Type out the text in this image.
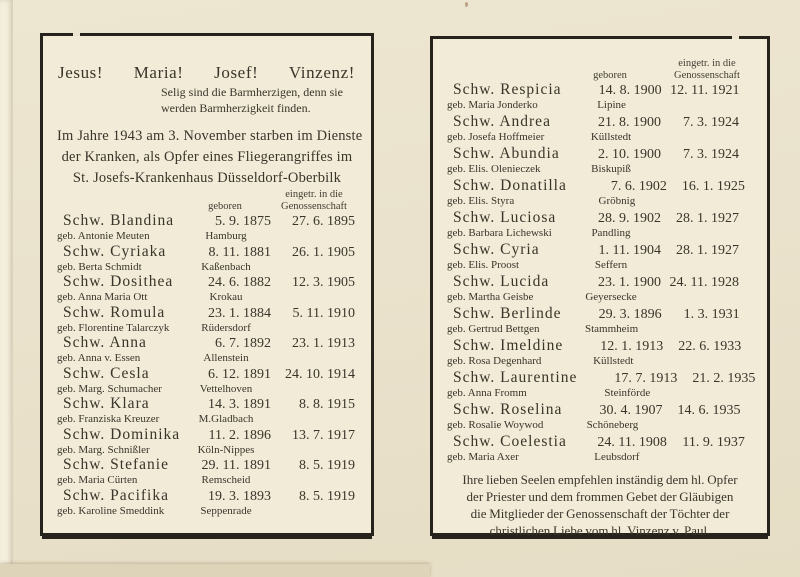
Jesus! Maria! Josef! Vinzenz!
Selig sind die Barmherzigen, denn sie
werden Barmherzigkeit finden.
Im Jahre 1943 am 3. November starben im Dienste
der Kranken, als Opfer eines Fliegerangriffes im
St. Josefs-Krankenhaus Düsseldorf-Oberbilk
geboren
eingetr. in die
Genossenschaft
Schw. Blandina	5. 9. 1875	27. 6. 1895
geb. Antonie Meuten	Hamburg
Schw. Cyriaka	8. 11. 1881	26. 1. 1905
geb. Berta Schmidt	Kaßenbach
Schw. Dosithea	24. 6. 1882	12. 3. 1905
geb. Anna Maria Ott	Krokau
Schw. Romula	23. 1. 1884	5. 11. 1910
geb. Florentine Talarczyk	Rüdersdorf
Schw. Anna	6. 7. 1892	23. 1. 1913
geb. Anna v. Essen	Allenstein
Schw. Cesla	6. 12. 1891	24. 10. 1914
geb. Marg. Schumacher	Vettelhoven
Schw. Klara	14. 3. 1891	8. 8. 1915
geb. Franziska Kreuzer	M.Gladbach
Schw. Dominika	11. 2. 1896	13. 7. 1917
geb. Marg. Schnißler	Köln-Nippes
Schw. Stefanie	29. 11. 1891	8. 5. 1919
geb. Maria Cürten	Remscheid
Schw. Pacifika	19. 3. 1893	8. 5. 1919
geb. Karoline Smeddink	Seppenrade
geboren
eingetr. in die
Genossenschaft
Schw. Respicia	14. 8. 1900 12. 11. 1921
geb. Maria Jonderko	Lipine
Schw. Andrea	21. 8. 1900	7. 3. 1924
geb. Josefa Hoffmeier	Küllstedt
Schw. Abundia	2. 10. 1900	7. 3. 1924
geb. Elis. Olenieczek	Biskupiß
Schw. Donatilla	7. 6. 1902	16. 1. 1925
geb. Elis. Styra	Gröbnig
Schw. Luciosa	28. 9. 1902	28. 1. 1927
geb. Barbara Lichewski	Pandling
Schw. Cyria	1. 11. 1904	28. 1. 1927
geb. Elis. Proost	Seffern
Schw. Lucida	23. 1. 1900 24. 11. 1928
geb. Martha Geisbe	Geyersecke
Schw. Berlinde	29. 3. 1896	1. 3. 1931
geb. Gertrud Bettgen	Stammheim
Schw. Imeldine	12. 1. 1913	22. 6. 1933
geb. Rosa Degenhard	Küllstedt
Schw. Laurentine	17. 7. 1913	21. 2. 1935
geb. Anna Fromm	Steinförde
Schw. Roselina	30. 4. 1907	14. 6. 1935
geb. Rosalie Woywod	Schöneberg
Schw. Coelestia	24. 11. 1908	11. 9. 1937
geb. Maria Axer	Leubsdorf
Ihre lieben Seelen empfehlen inständig dem hl. Opfer
der Priester und dem frommen Gebet der Gläubigen
die Mitglieder der Genossenschaft der Töchter der
christlichen Liebe vom hl. Vinzenz v. Paul.
